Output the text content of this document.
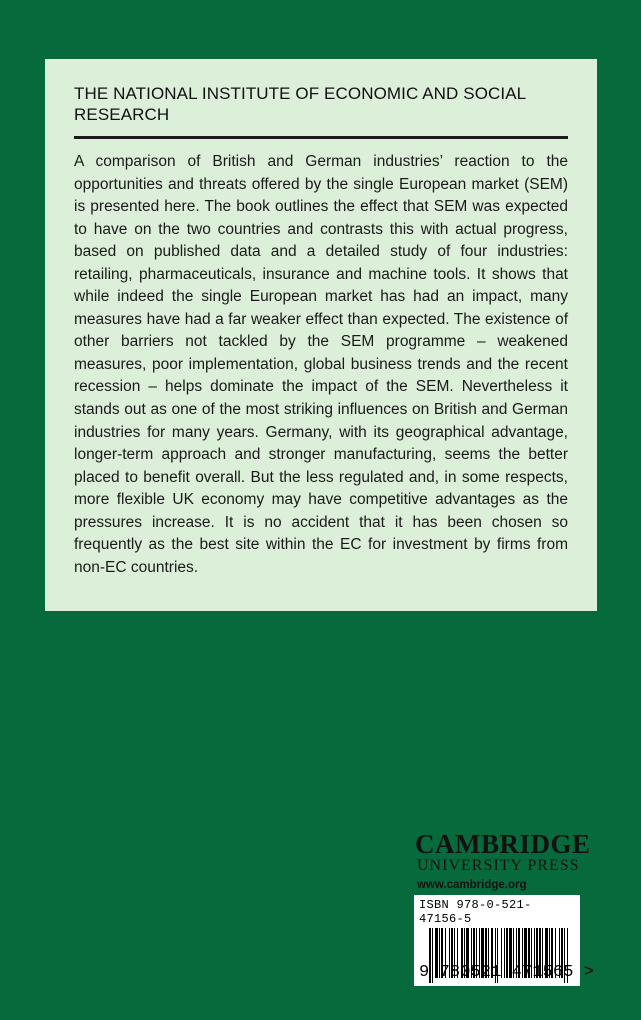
THE NATIONAL INSTITUTE OF ECONOMIC AND SOCIAL RESEARCH

A comparison of British and German industries’ reaction to the opportunities and threats offered by the single European market (SEM) is presented here. The book outlines the effect that SEM was expected to have on the two countries and contrasts this with actual progress, based on published data and a detailed study of four industries: retailing, pharmaceuticals, insurance and machine tools. It shows that while indeed the single European market has had an impact, many measures have had a far weaker effect than expected. The existence of other barriers not tackled by the SEM programme – weakened measures, poor implementation, global business trends and the recent recession – helps dominate the impact of the SEM. Nevertheless it stands out as one of the most striking influences on British and German industries for many years. Germany, with its geographical advantage, longer-term approach and stronger manufacturing, seems the better placed to benefit overall. But the less regulated and, in some respects, more flexible UK economy may have competitive advantages as the pressures increase. It is no accident that it has been chosen so frequently as the best site within the EC for investment by firms from non-EC countries.

CAMBRIDGE

UNIVERSITY PRESS

www.cambridge.org

ISBN 978-0-521-47156-5

9 780521 471565 >
